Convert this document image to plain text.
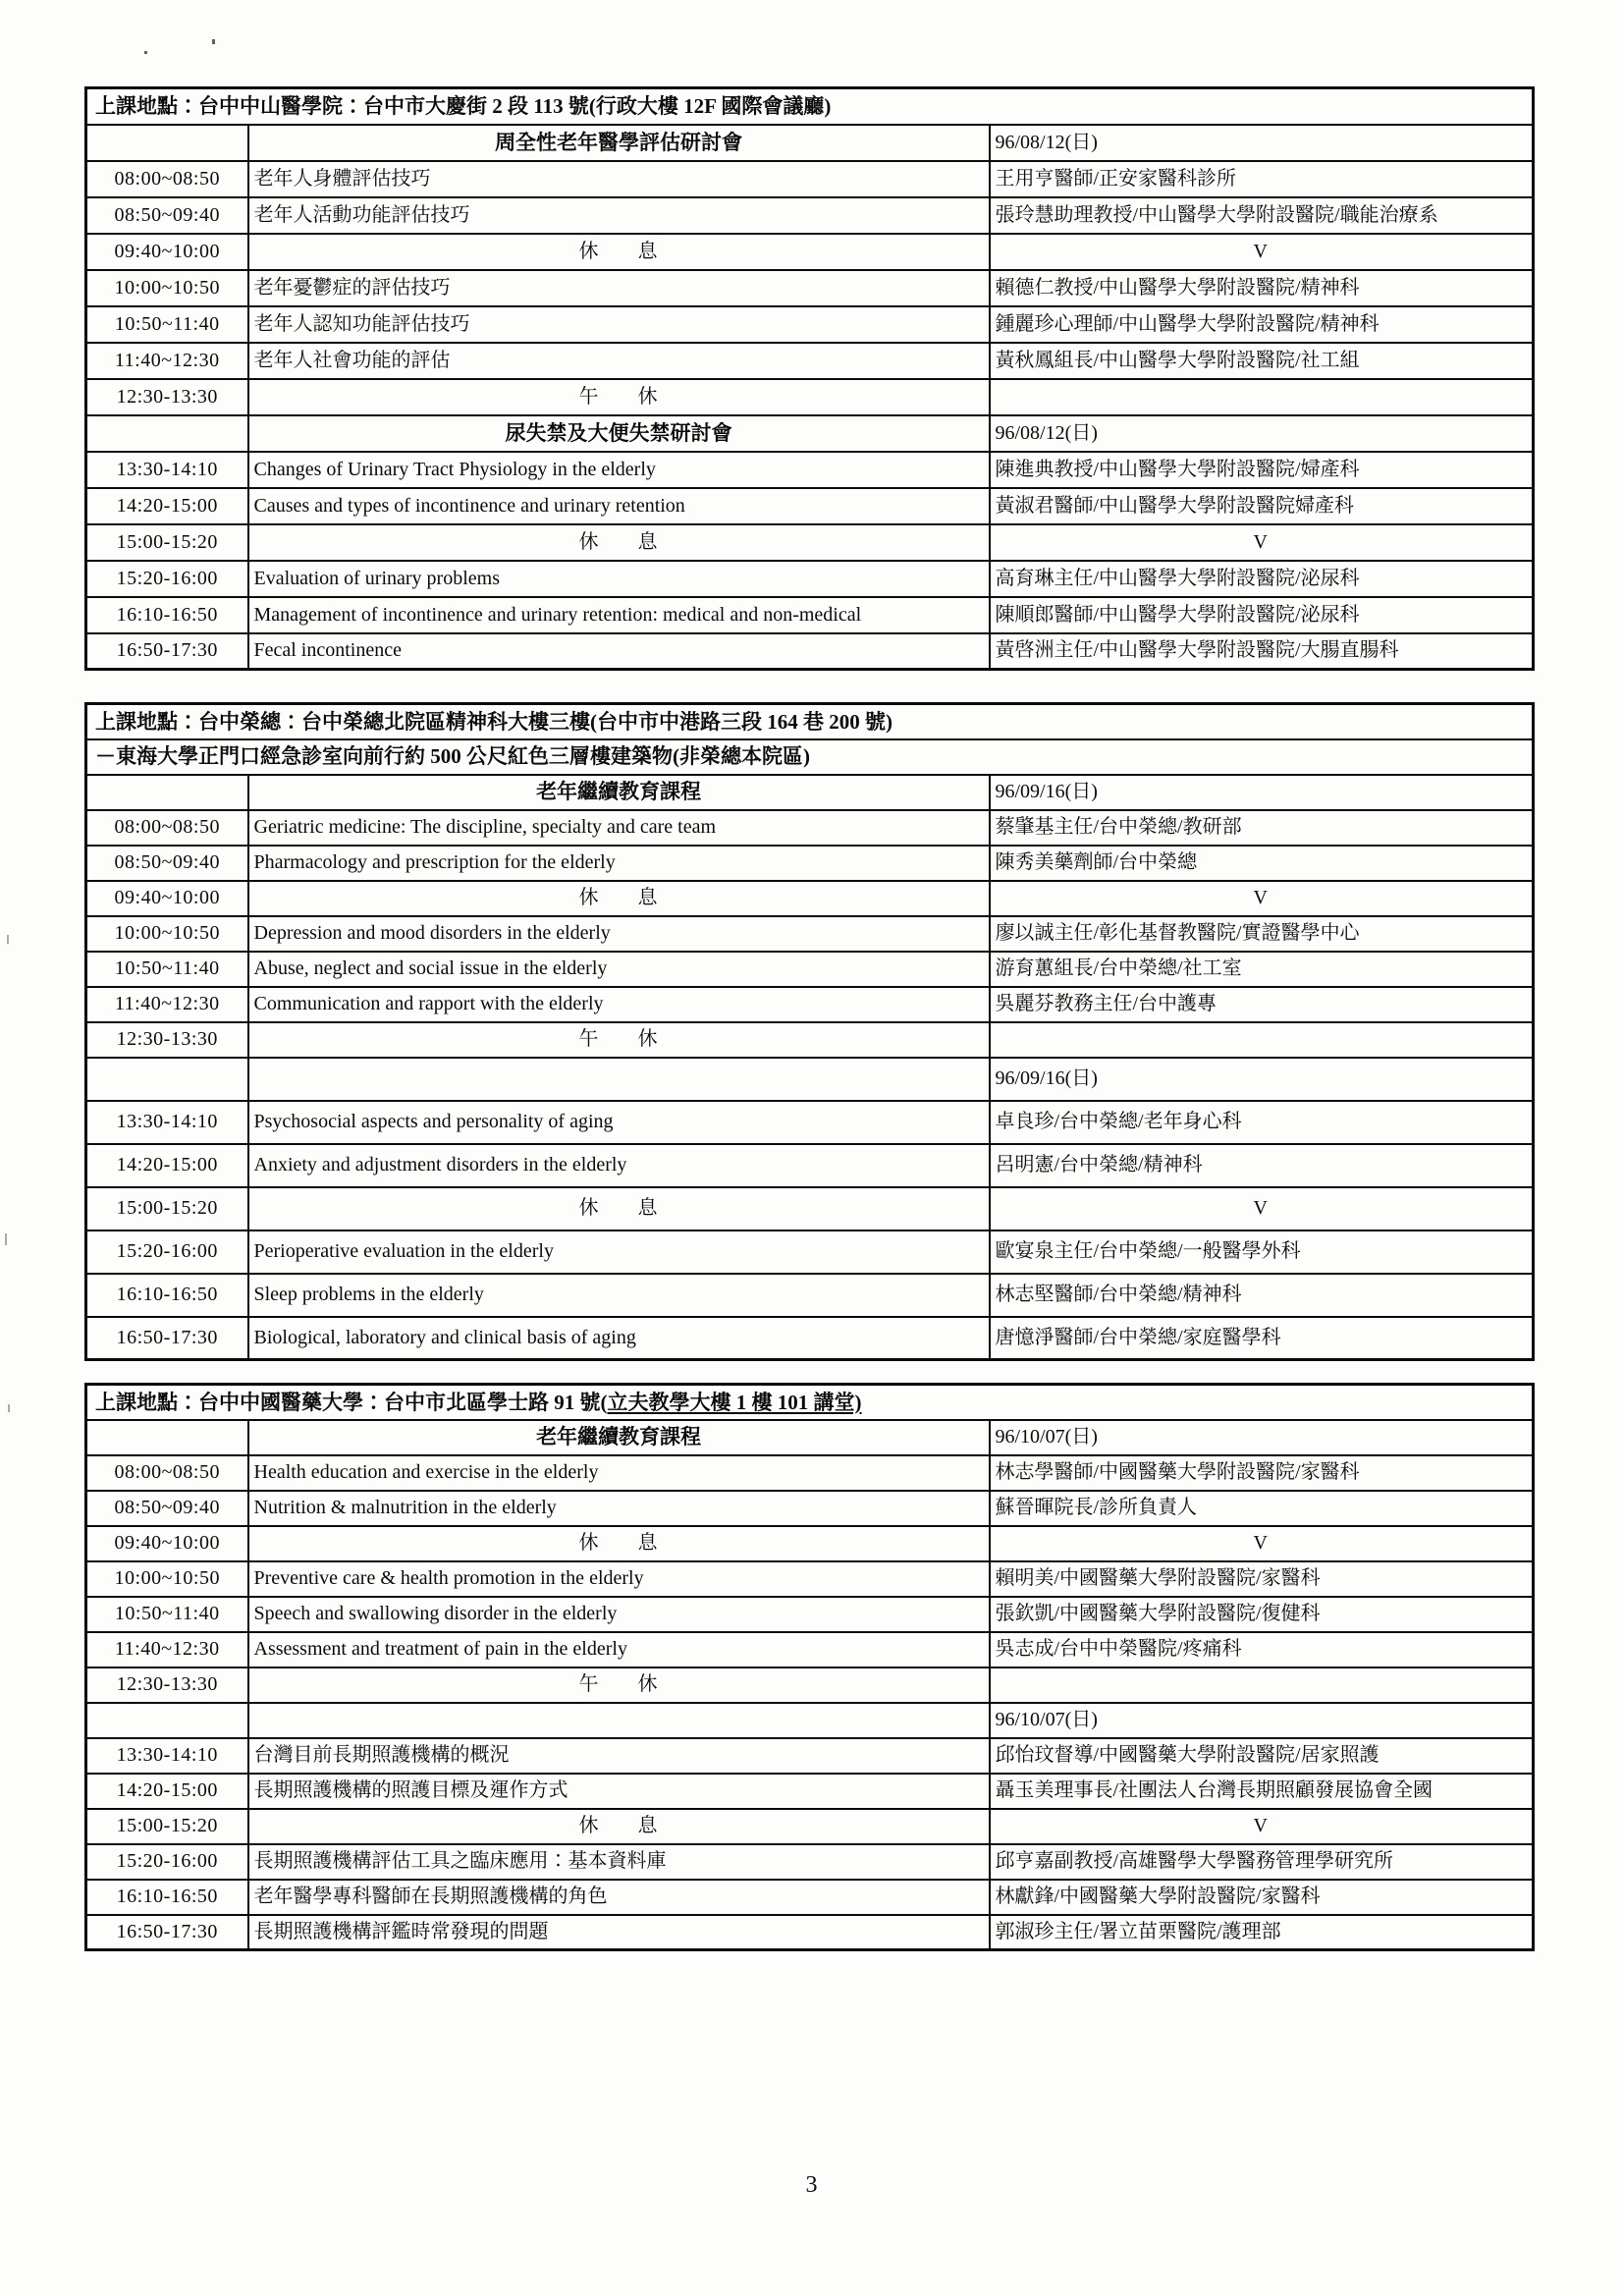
上課地點：台中中山醫學院：台中市大慶街 2 段 113 號(行政大樓 12F 國際會議廳)		
	周全性老年醫學評估研討會	96/08/12(日)
08:00~08:50	老年人身體評估技巧	王用亨醫師/正安家醫科診所
08:50~09:40	老年人活動功能評估技巧	張玲慧助理教授/中山醫學大學附設醫院/職能治療系
09:40~10:00	休　　息	V
10:00~10:50	老年憂鬱症的評估技巧	賴德仁教授/中山醫學大學附設醫院/精神科
10:50~11:40	老年人認知功能評估技巧	鍾麗珍心理師/中山醫學大學附設醫院/精神科
11:40~12:30	老年人社會功能的評估	黃秋鳳組長/中山醫學大學附設醫院/社工組
12:30-13:30	午　　休	
	尿失禁及大便失禁研討會	96/08/12(日)
13:30-14:10	Changes of Urinary Tract Physiology in the elderly	陳進典教授/中山醫學大學附設醫院/婦產科
14:20-15:00	Causes and types of incontinence and urinary retention	黃淑君醫師/中山醫學大學附設醫院婦產科
15:00-15:20	休　　息	V
15:20-16:00	Evaluation of urinary problems	高育琳主任/中山醫學大學附設醫院/泌尿科
16:10-16:50	Management of incontinence and urinary retention: medical and non-medical	陳順郎醫師/中山醫學大學附設醫院/泌尿科
16:50-17:30	Fecal incontinence	黃啓洲主任/中山醫學大學附設醫院/大腸直腸科
上課地點：台中榮總：台中榮總北院區精神科大樓三樓(台中市中港路三段 164 巷 200 號)		
－東海大學正門口經急診室向前行約 500 公尺紅色三層樓建築物(非榮總本院區)		
	老年繼續教育課程	96/09/16(日)
08:00~08:50	Geriatric medicine: The discipline, specialty and care team	蔡肇基主任/台中榮總/教研部
08:50~09:40	Pharmacology and prescription for the elderly	陳秀美藥劑師/台中榮總
09:40~10:00	休　　息	V
10:00~10:50	Depression and mood disorders in the elderly	廖以誠主任/彰化基督教醫院/實證醫學中心
10:50~11:40	Abuse, neglect and social issue in the elderly	游育蕙組長/台中榮總/社工室
11:40~12:30	Communication and rapport with the elderly	吳麗芬教務主任/台中護專
12:30-13:30	午　　休	
		96/09/16(日)
13:30-14:10	Psychosocial aspects and personality of aging	卓良珍/台中榮總/老年身心科
14:20-15:00	Anxiety and adjustment disorders in the elderly	呂明憲/台中榮總/精神科
15:00-15:20	休　　息	V
15:20-16:00	Perioperative evaluation in the elderly	歐宴泉主任/台中榮總/一般醫學外科
16:10-16:50	Sleep problems in the elderly	林志堅醫師/台中榮總/精神科
16:50-17:30	Biological, laboratory and clinical basis of aging	唐憶淨醫師/台中榮總/家庭醫學科
上課地點：台中中國醫藥大學：台中市北區學士路 91 號(立夫教學大樓 1 樓 101 講堂)		
	老年繼續教育課程	96/10/07(日)
08:00~08:50	Health education and exercise in the elderly	林志學醫師/中國醫藥大學附設醫院/家醫科
08:50~09:40	Nutrition & malnutrition in the elderly	蘇晉暉院長/診所負責人
09:40~10:00	休　　息	V
10:00~10:50	Preventive care & health promotion in the elderly	賴明美/中國醫藥大學附設醫院/家醫科
10:50~11:40	Speech and swallowing disorder in the elderly	張欽凱/中國醫藥大學附設醫院/復健科
11:40~12:30	Assessment and treatment of pain in the elderly	吳志成/台中中榮醫院/疼痛科
12:30-13:30	午　　休	
		96/10/07(日)
13:30-14:10	台灣目前長期照護機構的概況	邱怡玟督導/中國醫藥大學附設醫院/居家照護
14:20-15:00	長期照護機構的照護目標及運作方式	聶玉美理事長/社團法人台灣長期照顧發展協會全國
15:00-15:20	休　　息	V
15:20-16:00	長期照護機構評估工具之臨床應用：基本資料庫	邱亨嘉副教授/高雄醫學大學醫務管理學研究所
16:10-16:50	老年醫學專科醫師在長期照護機構的角色	林獻鋒/中國醫藥大學附設醫院/家醫科
16:50-17:30	長期照護機構評鑑時常發現的問題	郭淑珍主任/署立苗栗醫院/護理部
3
